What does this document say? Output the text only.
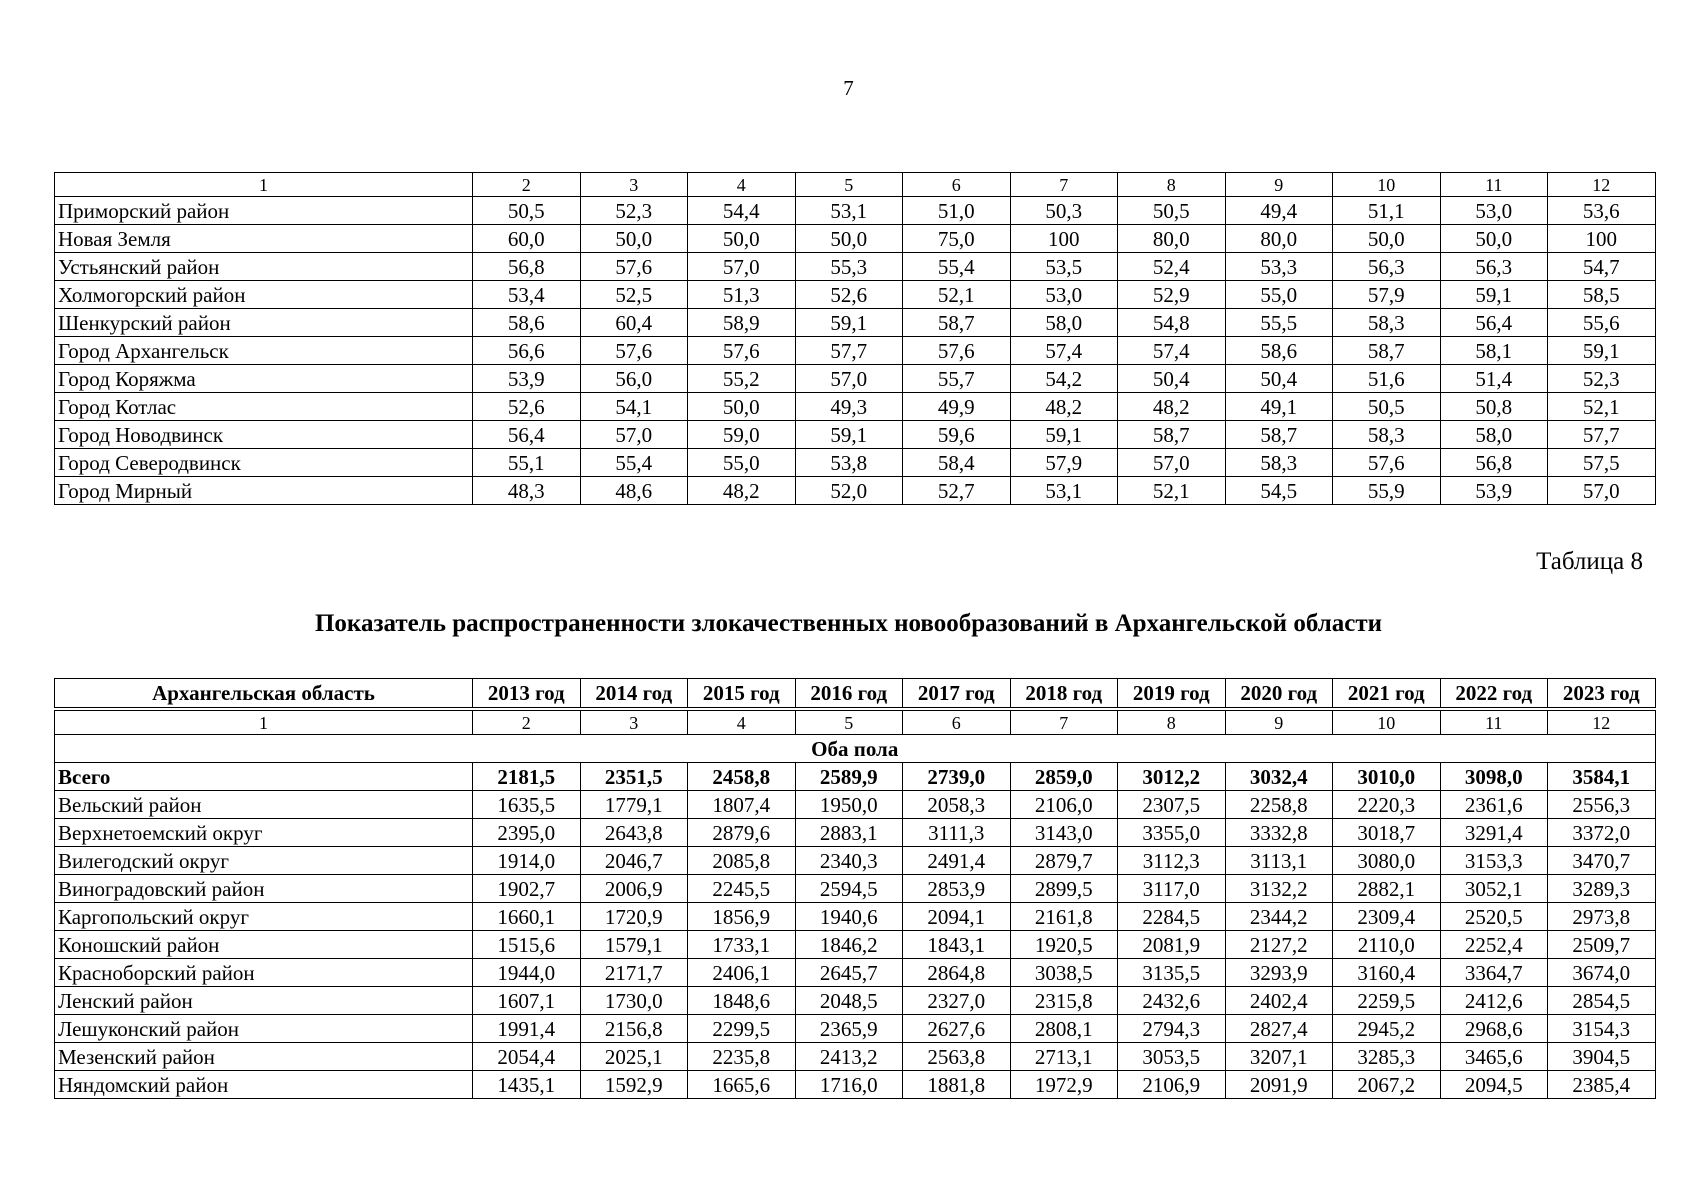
7
1	2	3	4	5	6	7	8	9	10	11	12
Приморский район	50,5	52,3	54,4	53,1	51,0	50,3	50,5	49,4	51,1	53,0	53,6
Новая Земля	60,0	50,0	50,0	50,0	75,0	100	80,0	80,0	50,0	50,0	100
Устьянский район	56,8	57,6	57,0	55,3	55,4	53,5	52,4	53,3	56,3	56,3	54,7
Холмогорский район	53,4	52,5	51,3	52,6	52,1	53,0	52,9	55,0	57,9	59,1	58,5
Шенкурский район	58,6	60,4	58,9	59,1	58,7	58,0	54,8	55,5	58,3	56,4	55,6
Город Архангельск	56,6	57,6	57,6	57,7	57,6	57,4	57,4	58,6	58,7	58,1	59,1
Город Коряжма	53,9	56,0	55,2	57,0	55,7	54,2	50,4	50,4	51,6	51,4	52,3
Город Котлас	52,6	54,1	50,0	49,3	49,9	48,2	48,2	49,1	50,5	50,8	52,1
Город Новодвинск	56,4	57,0	59,0	59,1	59,6	59,1	58,7	58,7	58,3	58,0	57,7
Город Северодвинск	55,1	55,4	55,0	53,8	58,4	57,9	57,0	58,3	57,6	56,8	57,5
Город Мирный	48,3	48,6	48,2	52,0	52,7	53,1	52,1	54,5	55,9	53,9	57,0
Таблица 8
Показатель распространенности злокачественных новообразований в Архангельской области
Архангельская область	2013 год	2014 год	2015 год	2016 год	2017 год	2018 год	2019 год	2020 год	2021 год	2022 год	2023 год
1	2	3	4	5	6	7	8	9	10	11	12
Оба пола											
Всего	2181,5	2351,5	2458,8	2589,9	2739,0	2859,0	3012,2	3032,4	3010,0	3098,0	3584,1
Вельский район	1635,5	1779,1	1807,4	1950,0	2058,3	2106,0	2307,5	2258,8	2220,3	2361,6	2556,3
Верхнетоемский округ	2395,0	2643,8	2879,6	2883,1	3111,3	3143,0	3355,0	3332,8	3018,7	3291,4	3372,0
Вилегодский округ	1914,0	2046,7	2085,8	2340,3	2491,4	2879,7	3112,3	3113,1	3080,0	3153,3	3470,7
Виноградовский район	1902,7	2006,9	2245,5	2594,5	2853,9	2899,5	3117,0	3132,2	2882,1	3052,1	3289,3
Каргопольский округ	1660,1	1720,9	1856,9	1940,6	2094,1	2161,8	2284,5	2344,2	2309,4	2520,5	2973,8
Коношский район	1515,6	1579,1	1733,1	1846,2	1843,1	1920,5	2081,9	2127,2	2110,0	2252,4	2509,7
Красноборский район	1944,0	2171,7	2406,1	2645,7	2864,8	3038,5	3135,5	3293,9	3160,4	3364,7	3674,0
Ленский район	1607,1	1730,0	1848,6	2048,5	2327,0	2315,8	2432,6	2402,4	2259,5	2412,6	2854,5
Лешуконский район	1991,4	2156,8	2299,5	2365,9	2627,6	2808,1	2794,3	2827,4	2945,2	2968,6	3154,3
Мезенский район	2054,4	2025,1	2235,8	2413,2	2563,8	2713,1	3053,5	3207,1	3285,3	3465,6	3904,5
Няндомский район	1435,1	1592,9	1665,6	1716,0	1881,8	1972,9	2106,9	2091,9	2067,2	2094,5	2385,4
